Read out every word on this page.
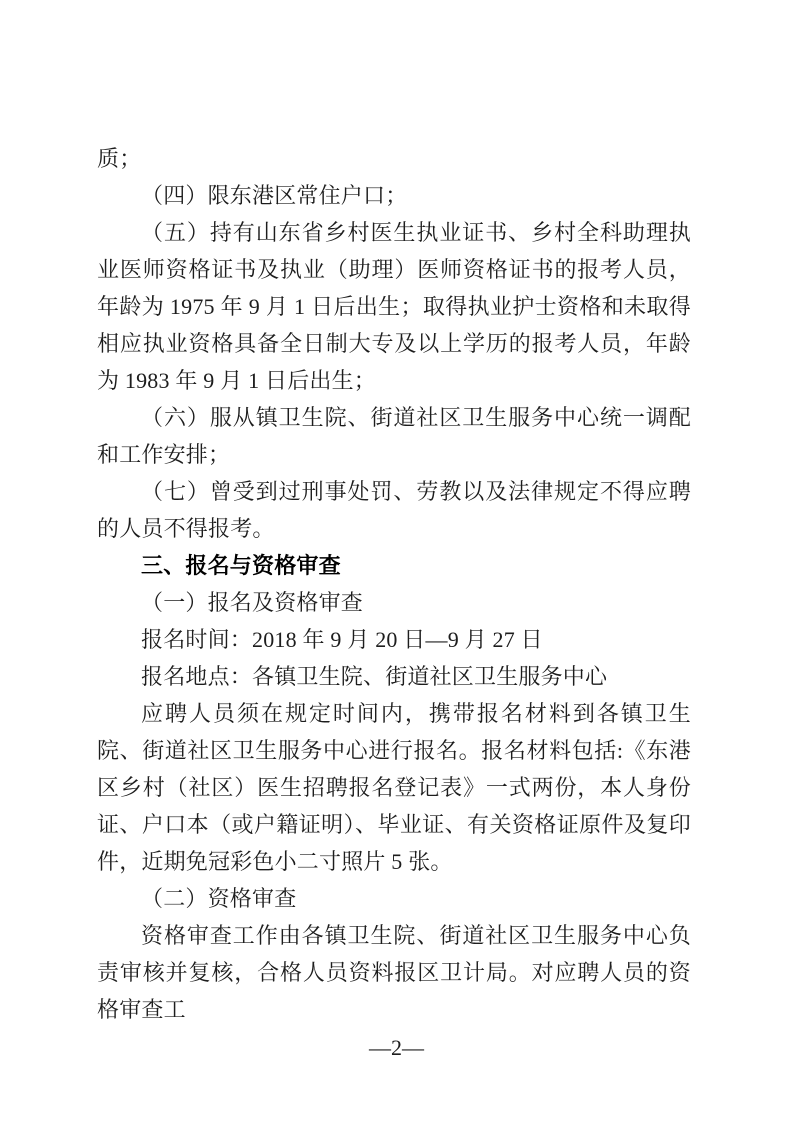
质；

（四）限东港区常住户口；

（五）持有山东省乡村医生执业证书、乡村全科助理执业医师资格证书及执业（助理）医师资格证书的报考人员，年龄为 1975 年 9 月 1 日后出生；取得执业护士资格和未取得相应执业资格具备全日制大专及以上学历的报考人员，年龄为 1983 年 9 月 1 日后出生；

（六）服从镇卫生院、街道社区卫生服务中心统一调配和工作安排；

（七）曾受到过刑事处罚、劳教以及法律规定不得应聘的人员不得报考。

三、报名与资格审查

（一）报名及资格审查

报名时间：2018 年 9 月 20 日—9 月 27 日

报名地点：各镇卫生院、街道社区卫生服务中心

应聘人员须在规定时间内，携带报名材料到各镇卫生院、街道社区卫生服务中心进行报名。报名材料包括:《东港区乡村（社区）医生招聘报名登记表》一式两份，本人身份证、户口本（或户籍证明）、毕业证、有关资格证原件及复印件，近期免冠彩色小二寸照片 5 张。

（二）资格审查

资格审查工作由各镇卫生院、街道社区卫生服务中心负责审核并复核，合格人员资料报区卫计局。对应聘人员的资格审查工

—2—
